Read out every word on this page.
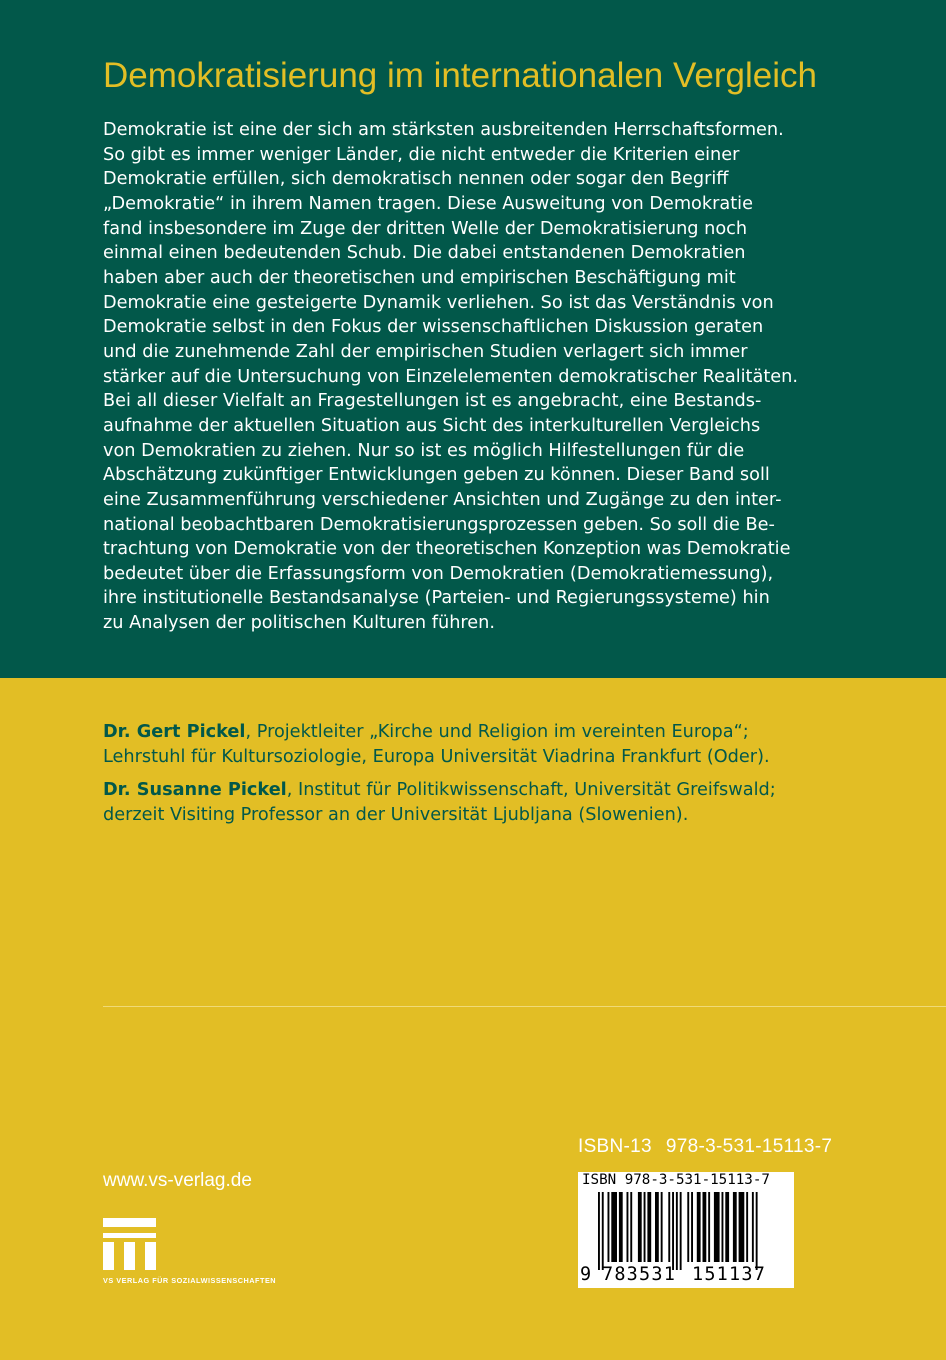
Demokratisierung im internationalen Vergleich
Demokratie ist eine der sich am stärksten ausbreitenden Herrschaftsformen.
So gibt es immer weniger Länder, die nicht entweder die Kriterien einer
Demokratie erfüllen, sich demokratisch nennen oder sogar den Begriff
„Demokratie“ in ihrem Namen tragen. Diese Ausweitung von Demokratie
fand insbesondere im Zuge der dritten Welle der Demokratisierung noch
einmal einen bedeutenden Schub. Die dabei entstandenen Demokratien
haben aber auch der theoretischen und empirischen Beschäftigung mit
Demokratie eine gesteigerte Dynamik verliehen. So ist das Verständnis von
Demokratie selbst in den Fokus der wissenschaftlichen Diskussion geraten
und die zunehmende Zahl der empirischen Studien verlagert sich immer
stärker auf die Untersuchung von Einzelelementen demokratischer Realitäten.
Bei all dieser Vielfalt an Fragestellungen ist es angebracht, eine Bestands-
aufnahme der aktuellen Situation aus Sicht des interkulturellen Vergleichs
von Demokratien zu ziehen. Nur so ist es möglich Hilfestellungen für die
Abschätzung zukünftiger Entwicklungen geben zu können. Dieser Band soll
eine Zusammenführung verschiedener Ansichten und Zugänge zu den inter-
national beobachtbaren Demokratisierungsprozessen geben. So soll die Be-
trachtung von Demokratie von der theoretischen Konzeption was Demokratie
bedeutet über die Erfassungsform von Demokratien (Demokratiemessung),
ihre institutionelle Bestandsanalyse (Parteien- und Regierungssysteme) hin
zu Analysen der politischen Kulturen führen.
Dr. Gert Pickel, Projektleiter „Kirche und Religion im vereinten Europa“;
Lehrstuhl für Kultursoziologie, Europa Universität Viadrina Frankfurt (Oder).
Dr. Susanne Pickel, Institut für Politikwissenschaft, Universität Greifswald;
derzeit Visiting Professor an der Universität Ljubljana (Slowenien).
www.vs-verlag.de
VS VERLAG FÜR SOZIALWISSENSCHAFTEN
ISBN-13 978-3-531-15113-7
ISBN 978-3-531-15113-7
9 783531 151137
